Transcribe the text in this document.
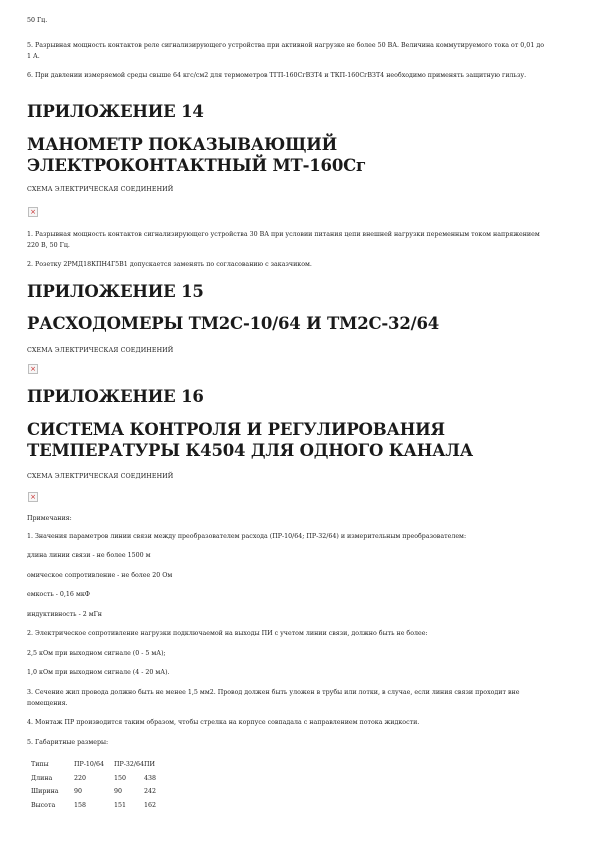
50 Гц.

5. Разрывная мощность контактов реле сигнализирующего устройства при активной нагрузке не более 50 ВА. Величина коммутируемого тока от 0,01 до 1 А.

6. При давлении измеряемой среды свыше 64 кгс/см2 для термометров ТГП-160СгВЗТ4 и ТКП-160СгВЗТ4 необходимо применять защитную гильзу.

ПРИЛОЖЕНИЕ 14
МАНОМЕТР ПОКАЗЫВАЮЩИЙ ЭЛЕКТРОКОНТАКТНЫЙ МТ-160Сг

СХЕМА ЭЛЕКТРИЧЕСКАЯ СОЕДИНЕНИЙ

×

1. Разрывная мощность контактов сигнализирующего устройства 30 ВА при условии питания цепи внешней нагрузки переменным током напряжением 220 В, 50 Гц.

2. Розетку 2РМД18КПН4Г5В1 допускается заменять по согласованию с заказчиком.

ПРИЛОЖЕНИЕ 15
РАСХОДОМЕРЫ ТМ2С-10/64 И ТМ2С-32/64

СХЕМА ЭЛЕКТРИЧЕСКАЯ СОЕДИНЕНИЙ

×
ПРИЛОЖЕНИЕ 16
СИСТЕМА КОНТРОЛЯ И РЕГУЛИРОВАНИЯ ТЕМПЕРАТУРЫ К4504 ДЛЯ ОДНОГО КАНАЛА

СХЕМА ЭЛЕКТРИЧЕСКАЯ СОЕДИНЕНИЙ

×

Примечания:

1. Значения параметров линии связи между преобразователем расхода (ПР-10/64; ПР-32/64) и измерительным преобразователем:

длина линии связи - не более 1500 м

омическое сопротивление - не более 20 Ом

емкость - 0,16 мкФ

индуктивность - 2 мГн

2. Электрическое сопротивление нагрузки подключаемой на выходы ПИ с учетом линии связи, должно быть не более:

2,5 кОм при выходном сигнале (0 - 5 мА);

1,0 кОм при выходном сигнале (4 - 20 мА).

3. Сечение жил провода должно быть не менее 1,5 мм2. Провод должен быть уложен в трубы или лотки, в случае, если линия связи проходит вне помещения.

4. Монтаж ПР производится таким образом, чтобы стрелка на корпусе совпадала с направлением потока жидкости.

5. Габаритные размеры:

Типы	ПР-10/64	ПР-32/64	ПИ
Длина	220	150	438
Ширина	90	90	242
Высота	158	151	162
